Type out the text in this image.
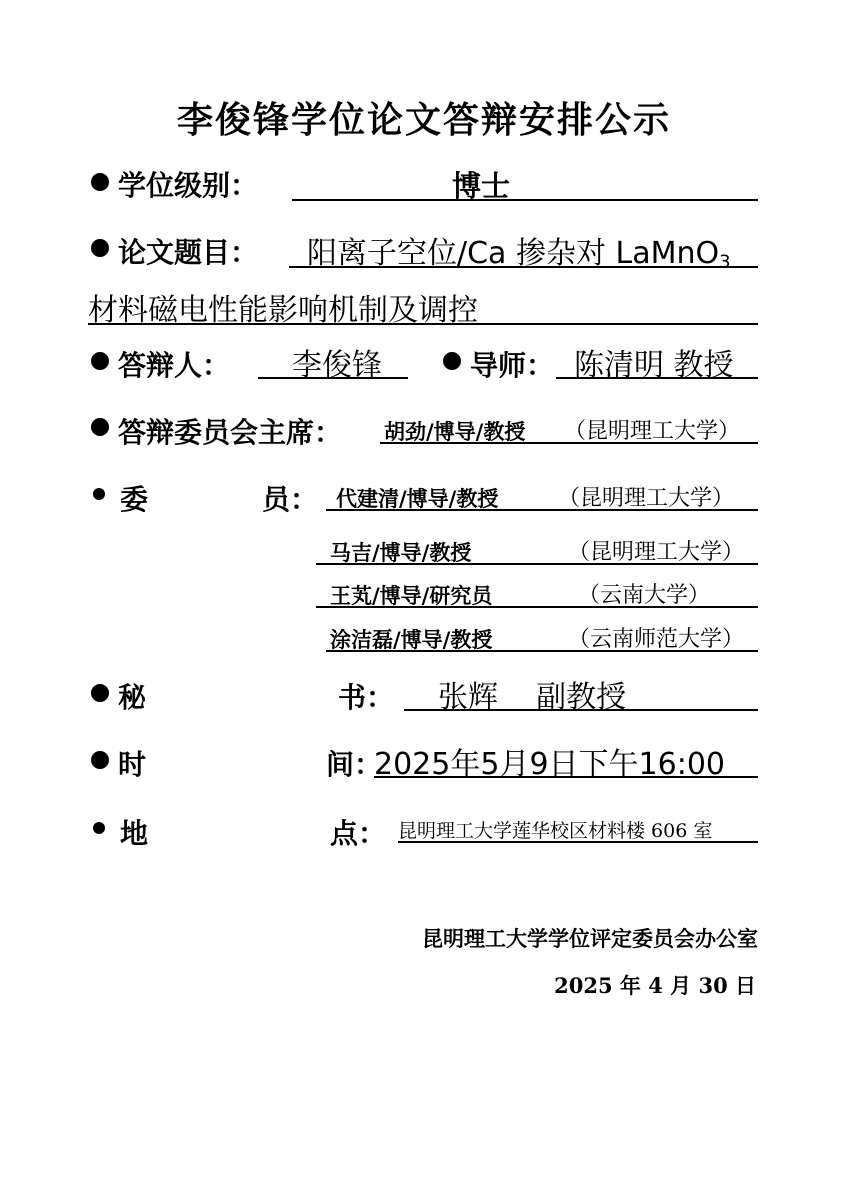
李俊锋学位论文答辩安排公示
学位级别：	博士
论文题目： 阳离子空位/Ca 掺杂对 LaMnO$_3$
材料磁电性能影响机制及调控
答辩人： 李俊锋	导师： 陈清明 教授
答辩委员会主席： 胡劲/博导/教授 （昆明理工大学）
委	员： 代建清/博导/教授	（昆明理工大学）
马吉/博导/教授	（昆明理工大学）
王芄/博导/研究员	（云南大学）
涂洁磊/博导/教授	（云南师范大学）
秘	书： 张辉    副教授
时	间：
2025年5月9日下午16:00
地	点： 昆明理工大学莲华校区材料楼 606 室
昆明理工大学学位评定委员会办公室
2025 年 4 月 30 日
